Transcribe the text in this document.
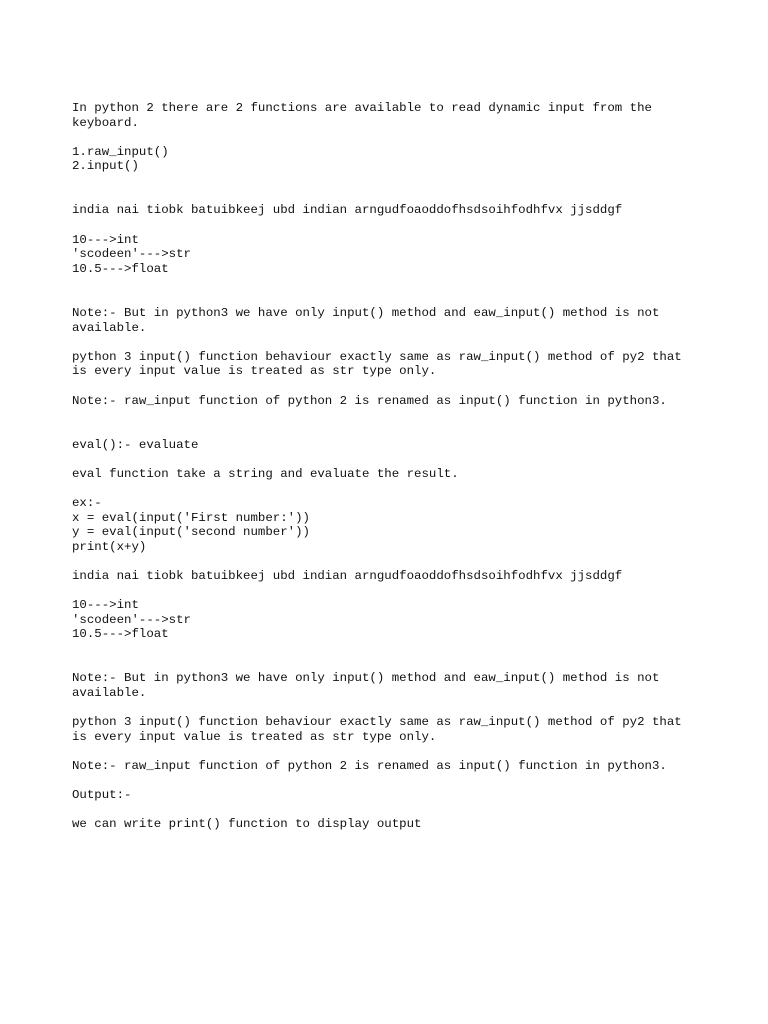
In python 2 there are 2 functions are available to read dynamic input from the
keyboard.
1.raw_input()
2.input()
india nai tiobk batuibkeej ubd indian arngudfoaoddofhsdsoihfodhfvx jjsddgf
10--->int
'scodeen'--->str
10.5--->float
Note:- But in python3 we have only input() method and eaw_input() method is not
available.
python 3 input() function behaviour exactly same as raw_input() method of py2 that
is every input value is treated as str type only.
Note:- raw_input function of python 2 is renamed as input() function in python3.
eval():- evaluate
eval function take a string and evaluate the result.
ex:-
x = eval(input('First number:'))
y = eval(input('second number'))
print(x+y)
india nai tiobk batuibkeej ubd indian arngudfoaoddofhsdsoihfodhfvx jjsddgf
10--->int
'scodeen'--->str
10.5--->float
Note:- But in python3 we have only input() method and eaw_input() method is not
available.
python 3 input() function behaviour exactly same as raw_input() method of py2 that
is every input value is treated as str type only.
Note:- raw_input function of python 2 is renamed as input() function in python3.
Output:-
we can write print() function to display output
